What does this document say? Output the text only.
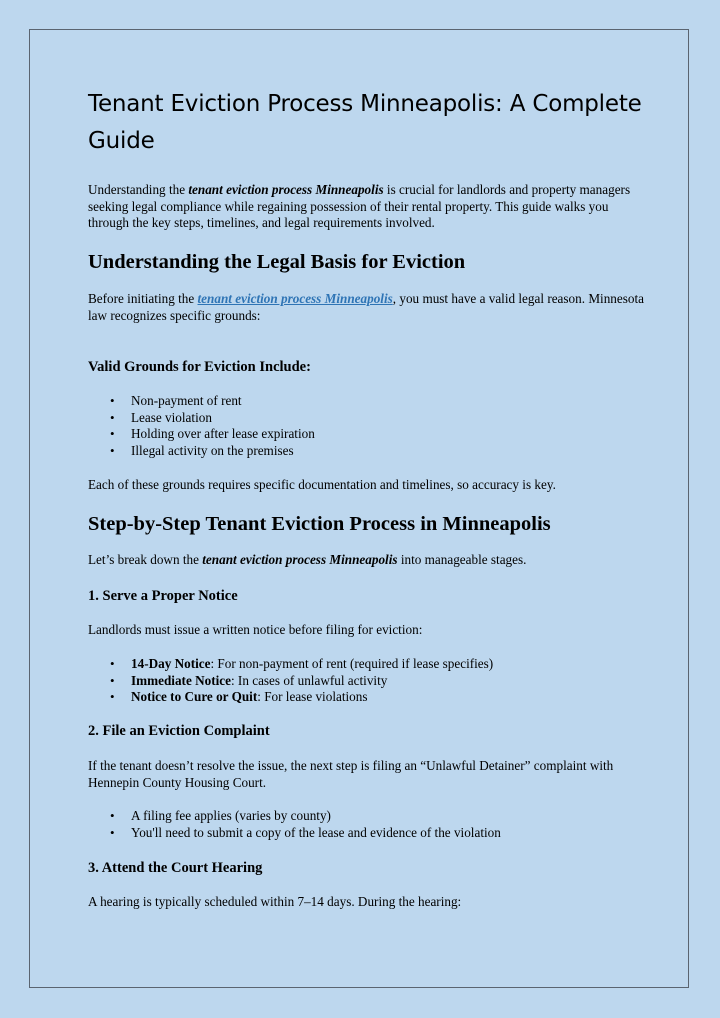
Tenant Eviction Process Minneapolis: A Complete Guide

Understanding the tenant eviction process Minneapolis is crucial for landlords and property managers seeking legal compliance while regaining possession of their rental property. This guide walks you through the key steps, timelines, and legal requirements involved.

Understanding the Legal Basis for Eviction

Before initiating the tenant eviction process Minneapolis, you must have a valid legal reason. Minnesota law recognizes specific grounds:

Valid Grounds for Eviction Include:
• Non-payment of rent
• Lease violation
• Holding over after lease expiration
• Illegal activity on the premises

Each of these grounds requires specific documentation and timelines, so accuracy is key.

Step-by-Step Tenant Eviction Process in Minneapolis

Let’s break down the tenant eviction process Minneapolis into manageable stages.

1. Serve a Proper Notice

Landlords must issue a written notice before filing for eviction:

• 14-Day Notice: For non-payment of rent (required if lease specifies)
• Immediate Notice: In cases of unlawful activity
• Notice to Cure or Quit: For lease violations
2. File an Eviction Complaint

If the tenant doesn’t resolve the issue, the next step is filing an “Unlawful Detainer” complaint with Hennepin County Housing Court.

• A filing fee applies (varies by county)
• You'll need to submit a copy of the lease and evidence of the violation
3. Attend the Court Hearing

A hearing is typically scheduled within 7–14 days. During the hearing:
